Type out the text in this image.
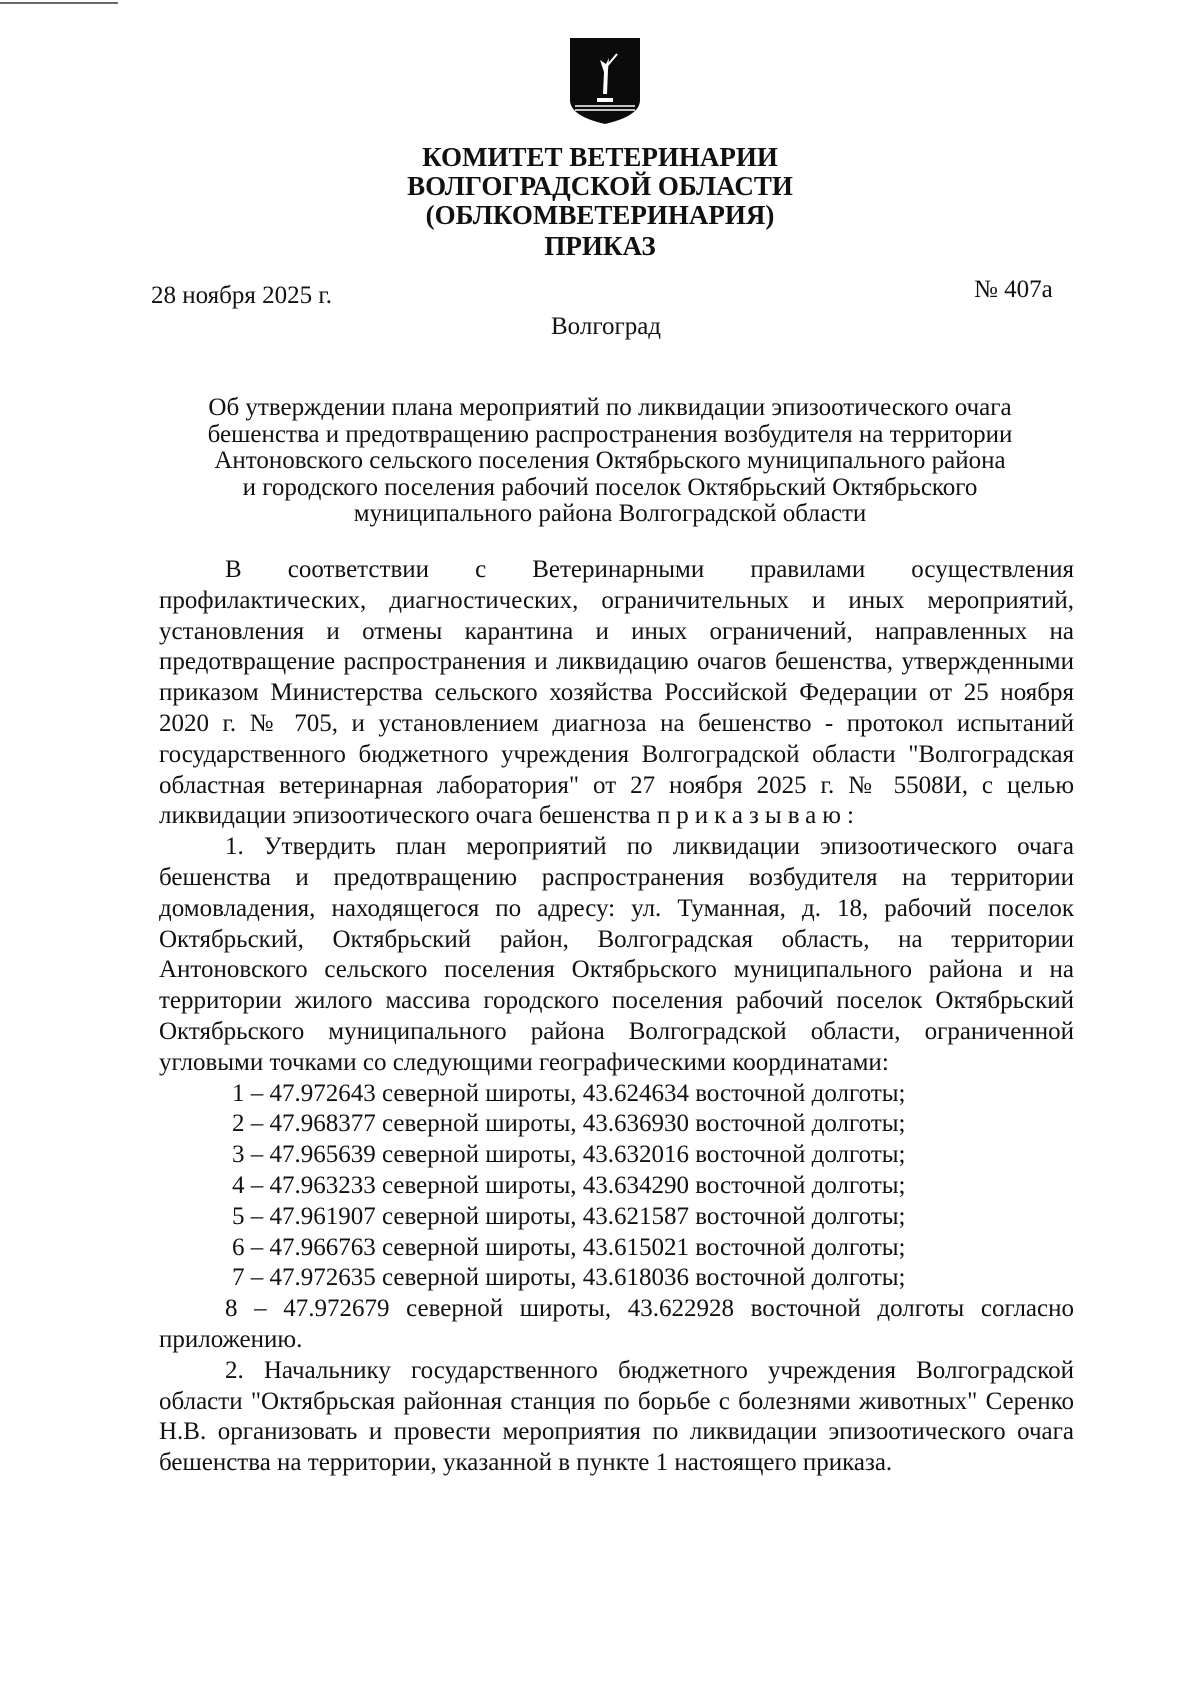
КОМИТЕТ ВЕТЕРИНАРИИ
ВОЛГОГРАДСКОЙ ОБЛАСТИ
(ОБЛКОМВЕТЕРИНАРИЯ)
ПРИКАЗ
28 ноября 2025 г.	№ 407а
Волгоград
Об утверждении плана мероприятий по ликвидации эпизоотического очага
бешенства и предотвращению распространения возбудителя на территории
Антоновского сельского поселения Октябрьского муниципального района
и городского поселения рабочий поселок Октябрьский Октябрьского
муниципального района Волгоградской области

В соответствии с Ветеринарными правилами осуществления профилактических, диагностических, ограничительных и иных мероприятий, установления и отмены карантина и иных ограничений, направленных на предотвращение распространения и ликвидацию очагов бешенства, утвержденными приказом Министерства сельского хозяйства Российской Федерации от 25 ноября 2020 г. № 705, и установлением диагноза на бешенство - протокол испытаний государственного бюджетного учреждения Волгоградской области "Волгоградская областная ветеринарная лаборатория" от 27 ноября 2025 г. № 5508И, с целью ликвидации эпизоотического очага бешенства приказываю:

1. Утвердить план мероприятий по ликвидации эпизоотического очага бешенства и предотвращению распространения возбудителя на территории домовладения, находящегося по адресу: ул. Туманная, д. 18, рабочий поселок Октябрьский, Октябрьский район, Волгоградская область, на территории Антоновского сельского поселения Октябрьского муниципального района и на территории жилого массива городского поселения рабочий поселок Октябрьский Октябрьского муниципального района Волгоградской области, ограниченной угловыми точками со следующими географическими координатами:

1 – 47.972643 северной широты, 43.624634 восточной долготы;
2 – 47.968377 северной широты, 43.636930 восточной долготы;
3 – 47.965639 северной широты, 43.632016 восточной долготы;
4 – 47.963233 северной широты, 43.634290 восточной долготы;
5 – 47.961907 северной широты, 43.621587 восточной долготы;
6 – 47.966763 северной широты, 43.615021 восточной долготы;
7 – 47.972635 северной широты, 43.618036 восточной долготы;

8 – 47.972679 северной широты, 43.622928 восточной долготы согласно приложению.

2. Начальнику государственного бюджетного учреждения Волгоградской области "Октябрьская районная станция по борьбе с болезнями животных" Серенко Н.В. организовать и провести мероприятия по ликвидации эпизоотического очага бешенства на территории, указанной в пункте 1 настоящего приказа.
